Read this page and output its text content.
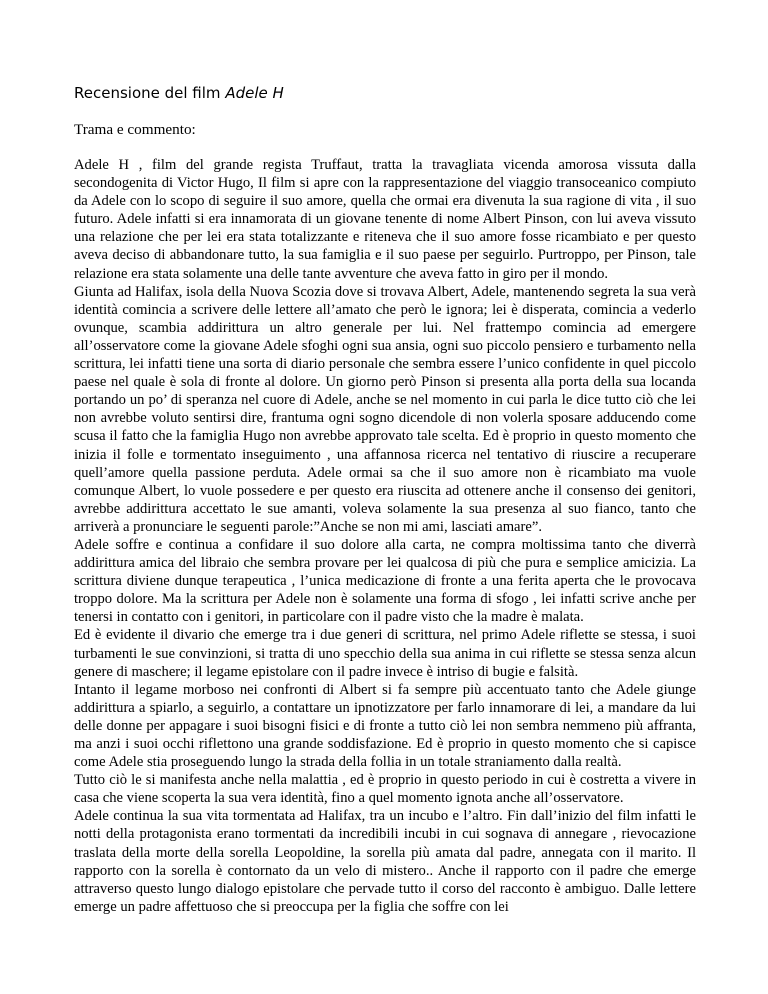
Recensione del film Adele H
Trama e commento:

Adele H , film del grande regista Truffaut, tratta la travagliata vicenda amorosa vissuta dalla secondogenita di Victor Hugo, Il film si apre con la rappresentazione del viaggio transoceanico compiuto da Adele con lo scopo di seguire il suo amore, quella che ormai era divenuta la sua ragione di vita , il suo futuro. Adele infatti si era innamorata di un giovane tenente di nome Albert Pinson, con lui aveva vissuto una relazione che per lei era stata totalizzante e riteneva che il suo amore fosse ricambiato e per questo aveva deciso di abbandonare tutto, la sua famiglia e il suo paese per seguirlo. Purtroppo, per Pinson, tale relazione era stata solamente una delle tante avventure che aveva fatto in giro per il mondo.

Giunta ad Halifax, isola della Nuova Scozia dove si trovava Albert, Adele, mantenendo segreta la sua verà identità comincia a scrivere delle lettere all’amato che però le ignora; lei è disperata, comincia a vederlo ovunque, scambia addirittura un altro generale per lui. Nel frattempo comincia ad emergere all’osservatore come la giovane Adele sfoghi ogni sua ansia, ogni suo piccolo pensiero e turbamento nella scrittura, lei infatti tiene una sorta di diario personale che sembra essere l’unico confidente in quel piccolo paese nel quale è sola di fronte al dolore. Un giorno però Pinson si presenta alla porta della sua locanda portando un po’ di speranza nel cuore di Adele, anche se nel momento in cui parla le dice tutto ciò che lei non avrebbe voluto sentirsi dire, frantuma ogni sogno dicendole di non volerla sposare adducendo come scusa il fatto che la famiglia Hugo non avrebbe approvato tale scelta. Ed è proprio in questo momento che inizia il folle e tormentato inseguimento , una affannosa ricerca nel tentativo di riuscire a recuperare quell’amore quella passione perduta. Adele ormai sa che il suo amore non è ricambiato ma vuole comunque Albert, lo vuole possedere e per questo era riuscita ad ottenere anche il consenso dei genitori, avrebbe addirittura accettato le sue amanti, voleva solamente la sua presenza al suo fianco, tanto che arriverà a pronunciare le seguenti parole:”Anche se non mi ami, lasciati amare”.

Adele soffre e continua a confidare il suo dolore alla carta, ne compra moltissima tanto che diverrà addirittura amica del libraio che sembra provare per lei qualcosa di più che pura e semplice amicizia. La scrittura diviene dunque terapeutica , l’unica medicazione di fronte a una ferita aperta che le provocava troppo dolore. Ma la scrittura per Adele non è solamente una forma di sfogo , lei infatti scrive anche per tenersi in contatto con i genitori, in particolare con il padre visto che la madre è malata.

Ed è evidente il divario che emerge tra i due generi di scrittura, nel primo Adele riflette se stessa, i suoi turbamenti le sue convinzioni, si tratta di uno specchio della sua anima in cui riflette se stessa senza alcun genere di maschere; il legame epistolare con il padre invece è intriso di bugie e falsità.

Intanto il legame morboso nei confronti di Albert si fa sempre più accentuato tanto che Adele giunge addirittura a spiarlo, a seguirlo, a contattare un ipnotizzatore per farlo innamorare di lei, a mandare da lui delle donne per appagare i suoi bisogni fisici e di fronte a tutto ciò lei non sembra nemmeno più affranta, ma anzi i suoi occhi riflettono una grande soddisfazione. Ed è proprio in questo momento che si capisce come Adele stia proseguendo lungo la strada della follia in un totale straniamento dalla realtà.

Tutto ciò le si manifesta anche nella malattia , ed è proprio in questo periodo in cui è costretta a vivere in casa che viene scoperta la sua vera identità, fino a quel momento ignota anche all’osservatore.

Adele continua la sua vita tormentata ad Halifax, tra un incubo e l’altro. Fin dall’inizio del film infatti le notti della protagonista erano tormentati da incredibili incubi in cui sognava di annegare , rievocazione traslata della morte della sorella Leopoldine, la sorella più amata dal padre, annegata con il marito. Il rapporto con la sorella è contornato da un velo di mistero.. Anche il rapporto con il padre che emerge attraverso questo lungo dialogo epistolare che pervade tutto il corso del racconto è ambiguo. Dalle lettere emerge un padre affettuoso che si preoccupa per la figlia che soffre con lei
